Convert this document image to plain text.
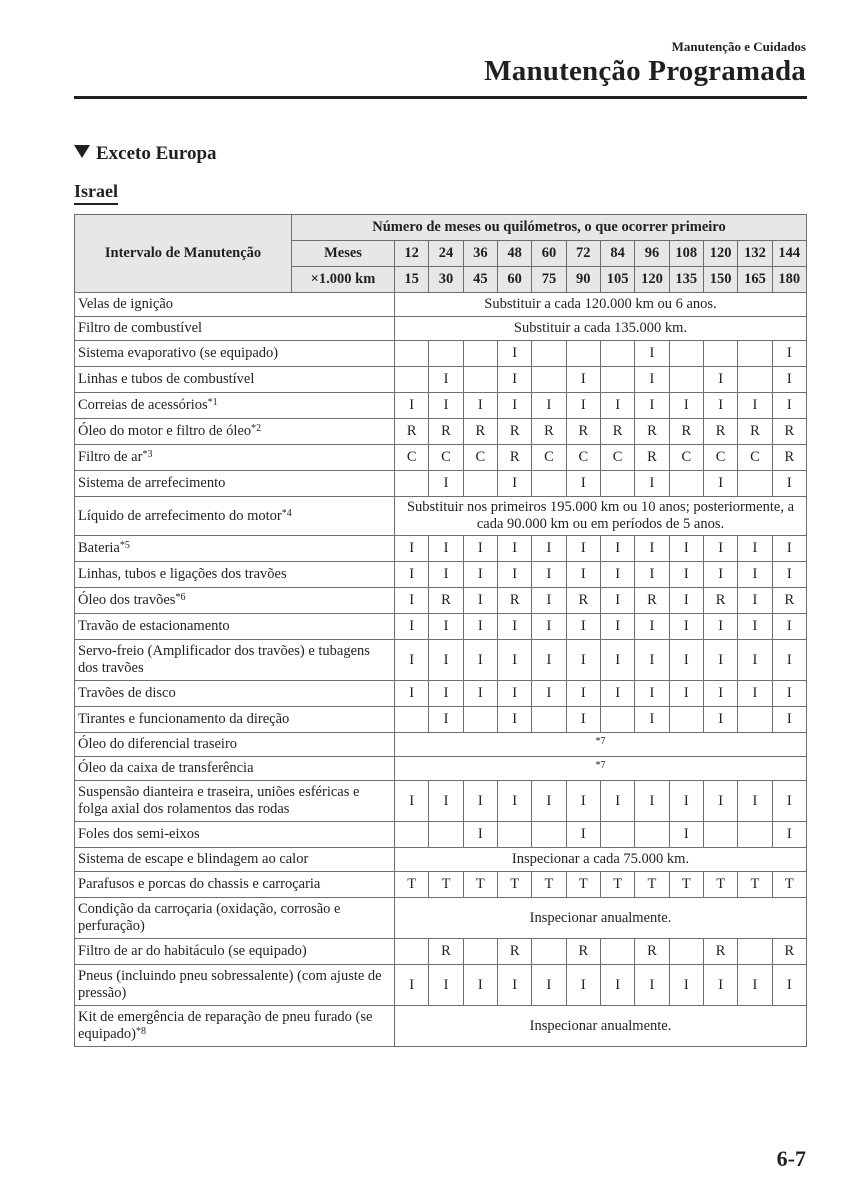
Manutenção e Cuidados
Manutenção Programada
Exceto Europa
Israel
Intervalo de Manutenção	Número de meses ou quilómetros, o que ocorrer primeiro												
	Meses	12	24	36	48	60	72	84	96	108	120	132	144
	×1.000 km	15	30	45	60	75	90	105	120	135	150	165	180
Velas de ignição		Substituir a cada 120.000 km ou 6 anos.											
Filtro de combustível		Substituir a cada 135.000 km.											
Sistema evaporativo (se equipado)					I				I				I
Linhas e tubos de combustível			I		I		I		I		I		I
Correias de acessórios$^{*1}$		I	I	I	I	I	I	I	I	I	I	I	I
Óleo do motor e filtro de óleo$^{*2}$		R	R	R	R	R	R	R	R	R	R	R	R
Filtro de $ar^{*3}$		C	C	C	R	C	C	C	R	C	C	C	R
Sistema de arrefecimento			I		I		I		I		I		I
Líquido de arrefecimento do motor$^{*4}$		Substituir nos primeiros 195.000 km ou 10 anos; posteriormente, a cada 90.000 km ou em períodos de 5 anos.											
Bateria$^{*5}$		I	I	I	I	I	I	I	I	I	I	I	I
Linhas, tubos e ligações dos travões		I	I	I	I	I	I	I	I	I	I	I	I
Óleo dos travões$^{*6}$		I	R	I	R	I	R	I	R	I	R	I	R
Travão de estacionamento		I	I	I	I	I	I	I	I	I	I	I	I
Servo-freio (Amplificador dos travões) e tubagens dos travões		I	I	I	I	I	I	I	I	I	I	I	I
Travões de disco		I	I	I	I	I	I	I	I	I	I	I	I
Tirantes e funcionamento da direção			I		I		I		I		I		I
Óleo do diferencial traseiro		$^{*7}$
Óleo da caixa de transferência		$^{*7}$
Suspensão dianteira e traseira, uniões esféricas e folga axial dos rolamentos das rodas		I	I	I	I	I	I	I	I	I	I	I	I
Foles dos semi-eixos				I			I			I			I
Sistema de escape e blindagem ao calor		Inspecionar a cada 75.000 km.											
Parafusos e porcas do chassis e carroçaria		T	T	T	T	T	T	T	T	T	T	T	T
Condição da carroçaria (oxidação, corrosão e perfuração)		Inspecionar anualmente.											
Filtro de ar do habitáculo (se equipado)			R		R		R		R		R		R
Pneus (incluindo pneu sobressalente) (com ajuste de pressão)		I	I	I	I	I	I	I	I	I	I	I	I
Kit de emergência de reparação de pneu furado (se equipado)$^{*8}$		Inspecionar anualmente.											
6-7
